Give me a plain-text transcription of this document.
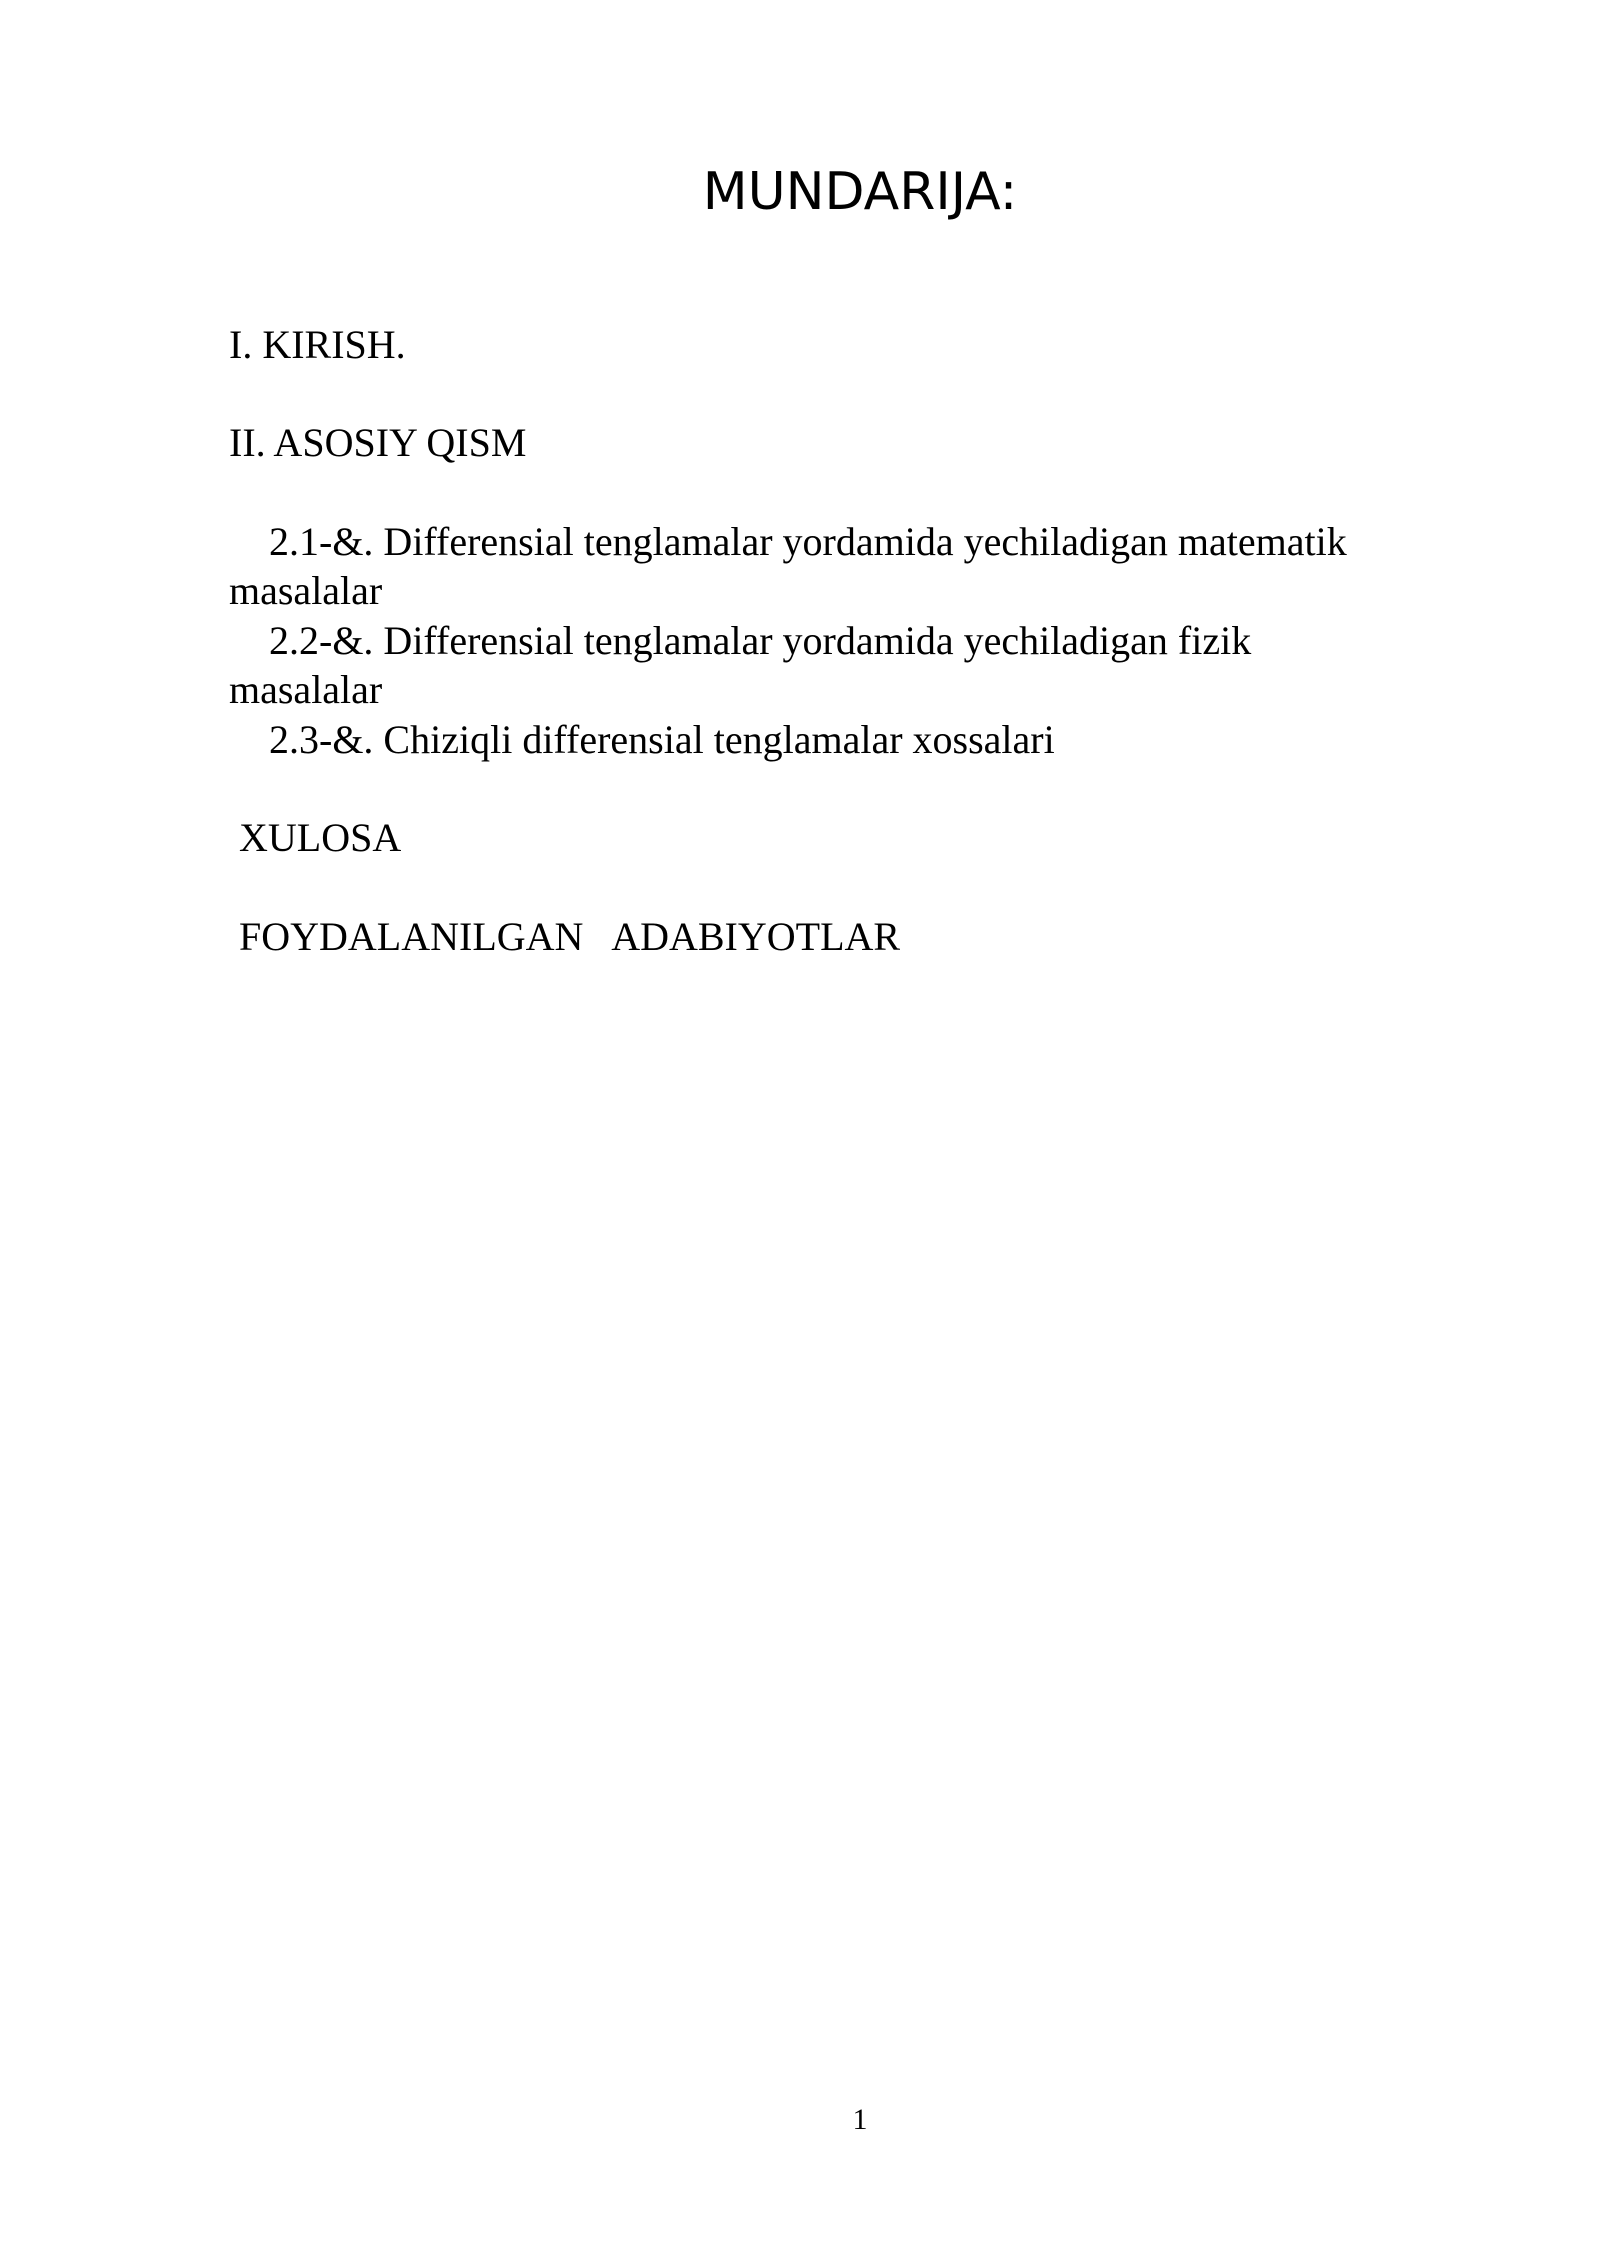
MUNDARIJA:
I. KIRISH.
II. ASOSIY QISM
2.1-&. Differensial tenglamalar yordamida yechiladigan matematik
masalalar
2.2-&. Differensial tenglamalar yordamida yechiladigan fizik
masalalar
2.3-&. Chiziqli differensial tenglamalar xossalari
XULOSA
FOYDALANILGAN   ADABIYOTLAR
1
